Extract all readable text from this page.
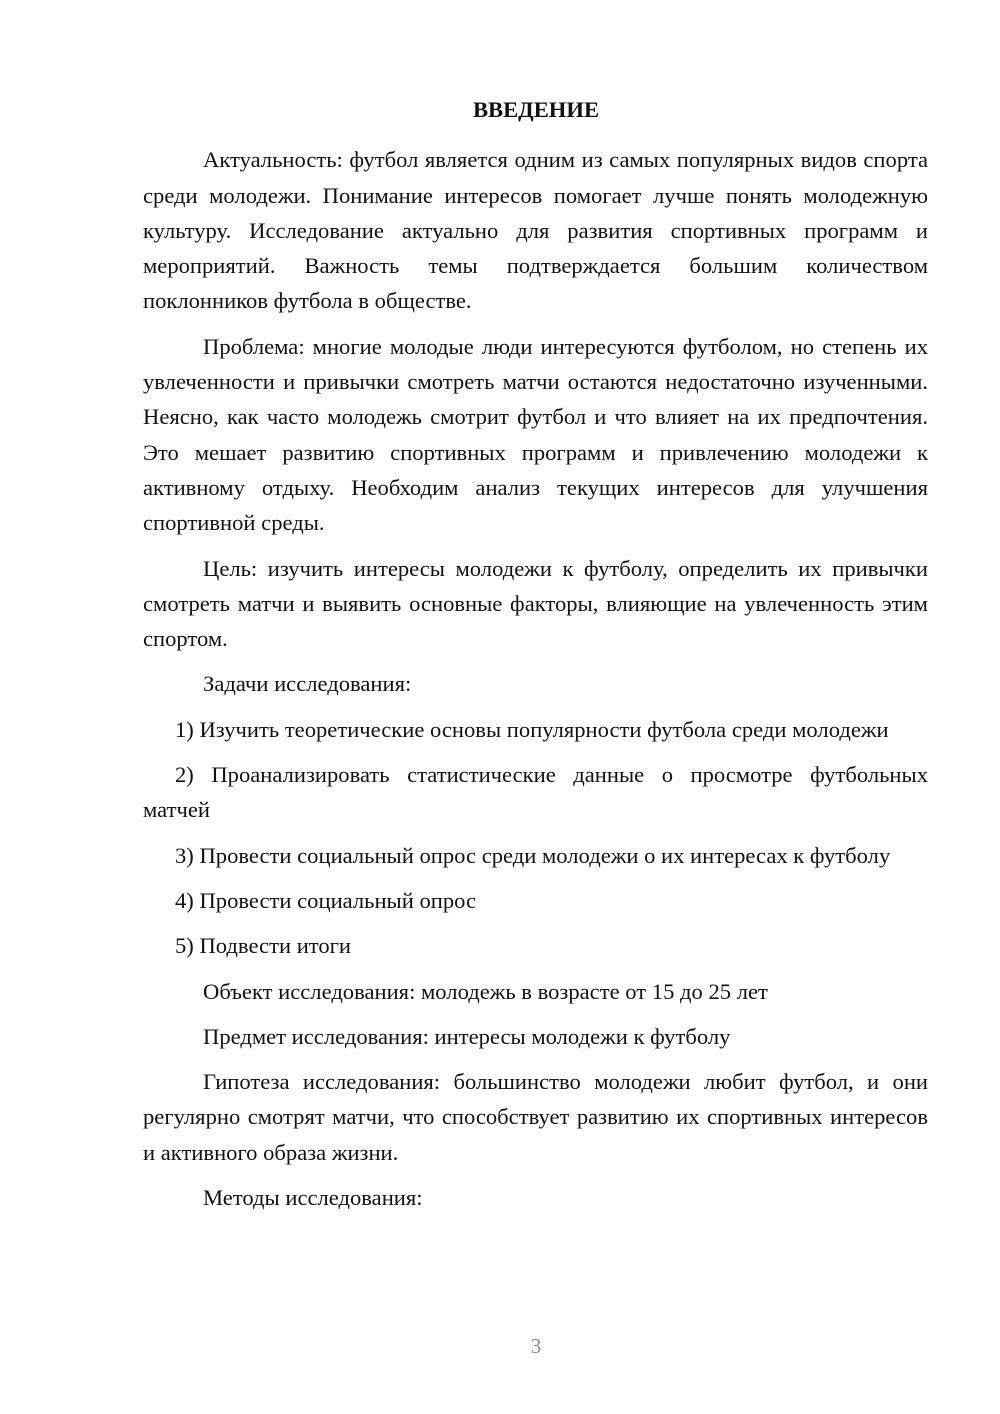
ВВЕДЕНИЕ

Актуальность: футбол является одним из самых популярных видов спорта среди молодежи. Понимание интересов помогает лучше понять молодежную культуру. Исследование актуально для развития спортивных программ и мероприятий. Важность темы подтверждается большим количеством поклонников футбола в обществе.

Проблема: многие молодые люди интересуются футболом, но степень их увлеченности и привычки смотреть матчи остаются недостаточно изученными. Неясно, как часто молодежь смотрит футбол и что влияет на их предпочтения. Это мешает развитию спортивных программ и привлечению молодежи к активному отдыху. Необходим анализ текущих интересов для улучшения спортивной среды.

Цель: изучить интересы молодежи к футболу, определить их привычки смотреть матчи и выявить основные факторы, влияющие на увлеченность этим спортом.

Задачи исследования:

1) Изучить теоретические основы популярности футбола среди молодежи

2) Проанализировать статистические данные о просмотре футбольных матчей

3) Провести социальный опрос среди молодежи о их интересах к футболу

4) Провести социальный опрос

5) Подвести итоги

Объект исследования: молодежь в возрасте от 15 до 25 лет

Предмет исследования: интересы молодежи к футболу

Гипотеза исследования: большинство молодежи любит футбол, и они регулярно смотрят матчи, что способствует развитию их спортивных интересов и активного образа жизни.

Методы исследования:

3
